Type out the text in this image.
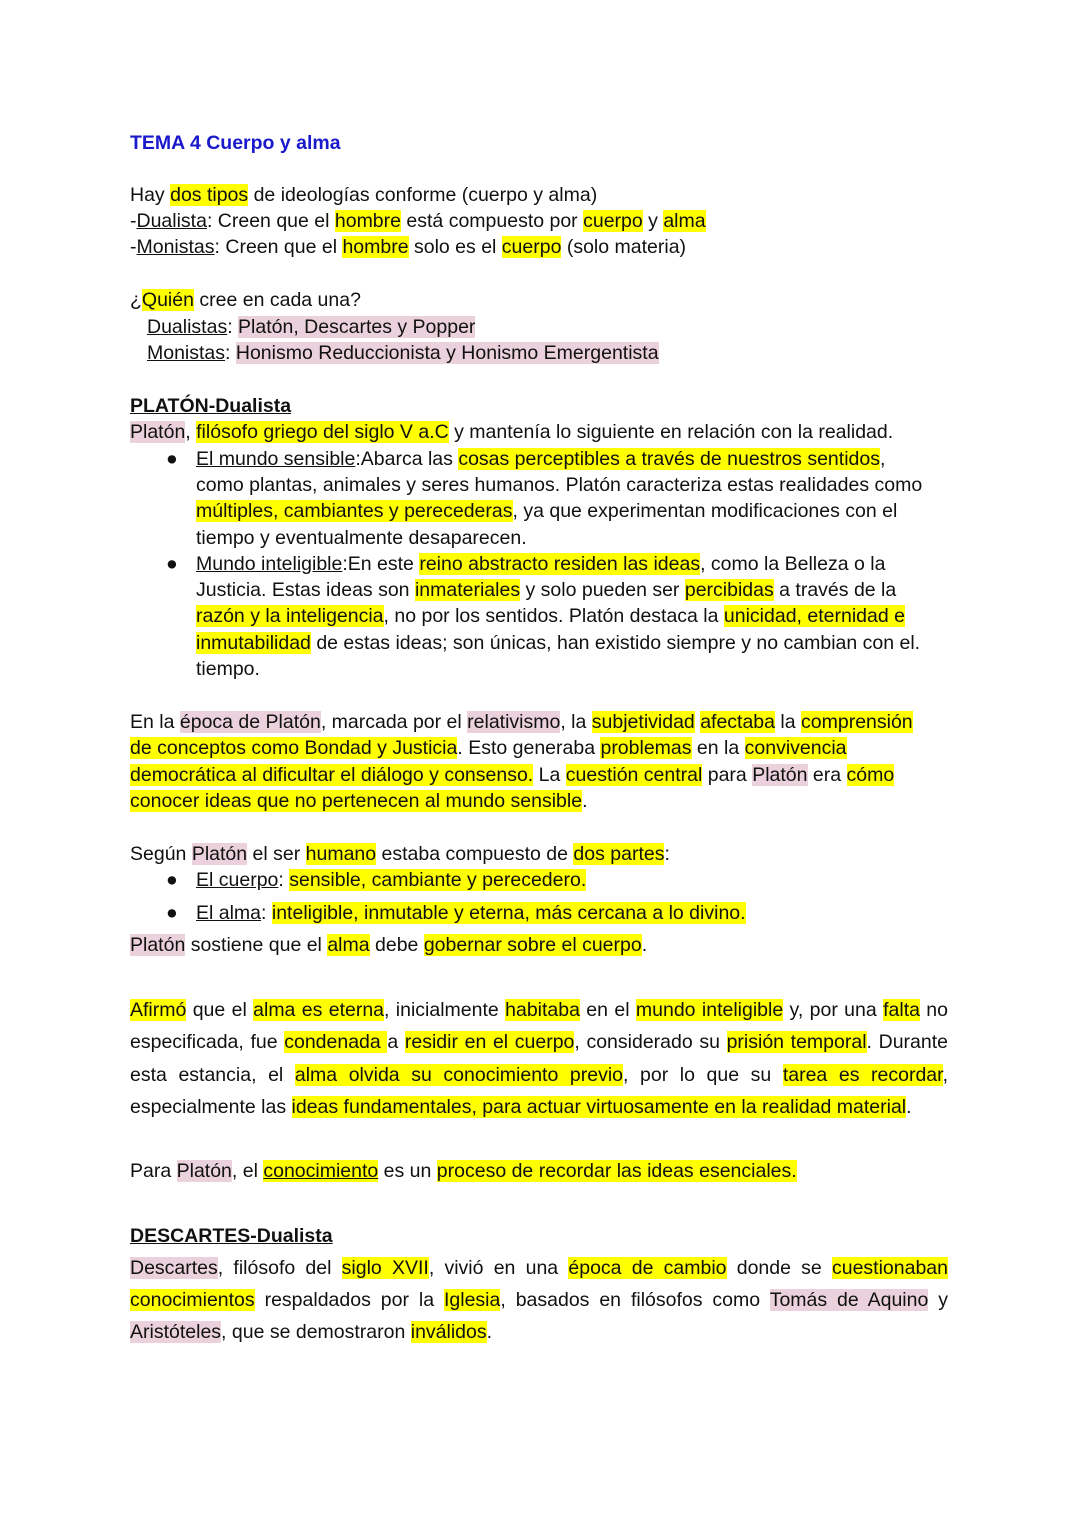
TEMA 4 Cuerpo y alma
Hay dos tipos de ideologías conforme (cuerpo y alma)
-Dualista: Creen que el hombre está compuesto por cuerpo y alma
-Monistas: Creen que el hombre solo es el cuerpo (solo materia)
¿Quién cree en cada una?
Dualistas: Platón, Descartes y Popper
Monistas: Honismo Reduccionista y Honismo Emergentista
PLATÓN-Dualista
Platón, filósofo griego del siglo V a.C y mantenía lo siguiente en relación con la realidad.
● El mundo sensible:Abarca las cosas perceptibles a través de nuestros sentidos,
como plantas, animales y seres humanos. Platón caracteriza estas realidades como
múltiples, cambiantes y perecederas, ya que experimentan modificaciones con el
tiempo y eventualmente desaparecen.
● Mundo inteligible:En este reino abstracto residen las ideas, como la Belleza o la
Justicia. Estas ideas son inmateriales y solo pueden ser percibidas a través de la
razón y la inteligencia, no por los sentidos. Platón destaca la unicidad, eternidad e
inmutabilidad de estas ideas; son únicas, han existido siempre y no cambian con el.
tiempo.
En la época de Platón, marcada por el relativismo, la subjetividad afectaba la comprensión
de conceptos como Bondad y Justicia. Esto generaba problemas en la convivencia
democrática al dificultar el diálogo y consenso. La cuestión central para Platón era cómo
conocer ideas que no pertenecen al mundo sensible.
Según Platón el ser humano estaba compuesto de dos partes:
● El cuerpo: sensible, cambiante y perecedero.
● El alma: inteligible, inmutable y eterna, más cercana a lo divino.
Platón sostiene que el alma debe gobernar sobre el cuerpo.
Afirmó que el alma es eterna, inicialmente habitaba en el mundo inteligible y, por una falta no
especificada, fue condenada a residir en el cuerpo, considerado su prisión temporal. Durante
esta estancia, el alma olvida su conocimiento previo, por lo que su tarea es recordar,
especialmente las ideas fundamentales, para actuar virtuosamente en la realidad material.
Para Platón, el conocimiento es un proceso de recordar las ideas esenciales.
DESCARTES-Dualista
Descartes, filósofo del siglo XVII, vivió en una época de cambio donde se cuestionaban
conocimientos respaldados por la Iglesia, basados en filósofos como Tomás de Aquino y
Aristóteles, que se demostraron inválidos.
